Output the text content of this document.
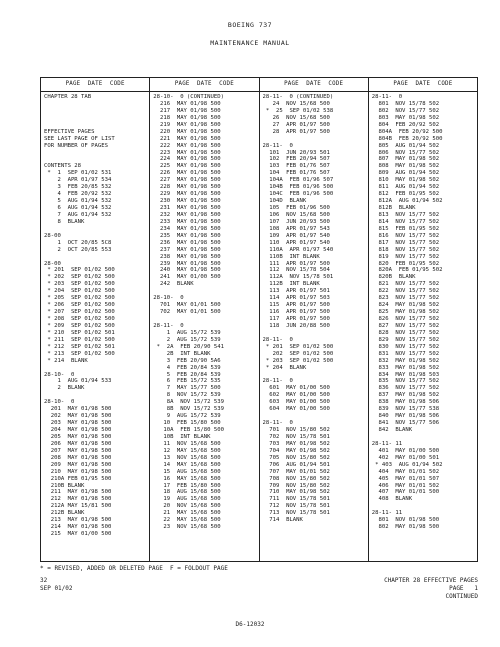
BOEING 737
MAINTENANCE MANUAL
PAGE  DATE  CODE
CHAPTER 28 TAB
EFFECTIVE PAGES
SEE LAST PAGE OF LIST
FOR NUMBER OF PAGES
CONTENTS 28
*  1  SEP 01/02 531
2  APR 01/97 534
3  FEB 20/85 532
4  FEB 20/92 532
5  AUG 01/94 532
6  AUG 01/94 532
7  AUG 01/94 532
8  BLANK
28-00
1  OCT 20/85 5C8
2  OCT 20/85 553
28-00
* 201  SEP 01/02 500
* 202  SEP 01/02 500
* 203  SEP 01/02 500
* 204  SEP 01/02 500
* 205  SEP 01/02 500
* 206  SEP 01/02 500
* 207  SEP 01/02 500
* 208  SEP 01/02 500
* 209  SEP 01/02 500
* 210  SEP 01/02 501
* 211  SEP 01/02 500
* 212  SEP 01/02 501
* 213  SEP 01/02 500
* 214  BLANK
28-10-  0
1  AUG 01/94 533
2  BLANK
28-10-  0
201  MAY 01/98 500
202  MAY 01/98 500
203  MAY 01/98 500
204  MAY 01/98 500
205  MAY 01/98 500
206  MAY 01/98 500
207  MAY 01/98 500
208  MAY 01/98 500
209  MAY 01/98 500
210  MAY 01/98 500
210A FEB 01/95 500
210B BLANK
211  MAY 01/98 500
212  MAY 01/98 500
212A MAY 15/81 500
212B BLANK
213  MAY 01/98 500
214  MAY 01/98 500
215  MAY 01/00 500
PAGE  DATE  CODE
28-10-  0 (CONTINUED)
216  MAY 01/98 500
217  MAY 01/98 500
218  MAY 01/98 500
219  MAY 01/98 500
220  MAY 01/98 500
221  MAY 01/98 500
222  MAY 01/98 500
223  MAY 01/98 500
224  MAY 01/98 500
225  MAY 01/98 500
226  MAY 01/98 500
227  MAY 01/98 500
228  MAY 01/98 500
229  MAY 01/98 500
230  MAY 01/98 500
231  MAY 01/98 500
232  MAY 01/98 500
233  MAY 01/98 500
234  MAY 01/98 500
235  MAY 01/98 500
236  MAY 01/98 500
237  MAY 01/98 500
238  MAY 01/98 500
239  MAY 01/98 500
240  MAY 01/98 500
241  MAY 01/00 500
242  BLANK
28-10-  0
701  MAY 01/01 500
702  MAY 01/01 500
28-11-  0
1  AUG 15/72 539
2  AUG 15/72 539
*  2A  FEB 20/90 541
2B  INT BLANK
3  FEB 20/90 5A6
4  FEB 20/84 539
5  FEB 20/84 539
6  FEB 15/72 535
7  MAY 15/77 500
8  NOV 15/72 539
8A  NOV 15/72 539
8B  NOV 15/72 539
9  AUG 15/72 539
10  FEB 15/80 500
10A  FEB 15/80 500
10B  INT BLANK
11  NOV 15/68 500
12  MAY 15/68 500
13  NOV 15/68 500
14  MAY 15/68 500
15  AUG 15/68 500
16  MAY 15/68 500
17  FEB 15/80 500
18  AUG 15/68 500
19  AUG 15/68 500
20  NOV 15/68 500
21  MAY 15/68 500
22  MAY 15/68 500
23  NOV 15/68 500
PAGE  DATE  CODE
28-11-  0 (CONTINUED)
24  NOV 15/68 500
*  25  SEP 01/02 538
26  NOV 15/68 500
27  APR 01/97 500
28  APR 01/97 500
28-11-  0
101  JUN 20/93 501
102  FEB 20/94 507
103  FEB 01/76 507
104  FEB 01/76 507
104A  FEB 01/96 507
104B  FEB 01/96 500
104C  FEB 01/96 500
104D  BLANK
105  FEB 01/96 500
106  NOV 15/68 500
107  JUN 20/93 500
108  APR 01/97 543
109  APR 01/97 540
110  APR 01/97 540
110A  APR 01/97 540
110B  INT BLANK
111  APR 01/97 500
112  NOV 15/78 504
112A  NOV 15/78 501
112B  INT BLANK
113  APR 01/97 501
114  APR 01/97 503
115  APR 01/97 500
116  APR 01/97 500
117  APR 01/97 500
118  JUN 20/88 500
28-11-  0
* 201  SEP 01/02 500
202  SEP 01/02 500
* 203  SEP 01/02 500
* 204  BLANK
28-11-  0
601  MAY 01/00 500
602  MAY 01/00 500
603  MAY 01/00 500
604  MAY 01/00 500
28-11-  0
701  NOV 15/80 502
702  NOV 15/78 501
703  MAY 01/98 502
704  MAY 01/98 502
705  NOV 15/80 502
706  AUG 01/94 501
707  MAY 01/01 502
708  NOV 15/80 502
709  NOV 15/80 502
710  MAY 01/98 502
711  NOV 15/78 501
712  NOV 15/78 501
713  NOV 15/78 501
714  BLANK
PAGE  DATE  CODE
28-11-  0
801  NOV 15/78 502
802  NOV 15/77 502
803  MAY 01/98 502
804  FEB 20/92 502
804A  FEB 20/92 500
804B  FEB 20/92 500
805  AUG 01/94 502
806  NOV 15/77 502
807  MAY 01/98 502
808  MAY 01/98 502
809  AUG 01/94 502
810  MAY 01/98 502
811  AUG 01/94 502
812  FEB 01/95 502
812A  AUG 01/94 502
812B  BLANK
813  NOV 15/77 502
814  NOV 15/77 502
815  FEB 01/95 502
816  NOV 15/77 502
817  NOV 15/77 502
818  NOV 15/77 502
819  NOV 15/77 502
820  FEB 01/95 502
820A  FEB 01/95 502
820B  BLANK
821  NOV 15/77 502
822  NOV 15/77 502
823  NOV 15/77 502
824  MAY 01/98 502
825  MAY 01/98 502
826  NOV 15/77 502
827  NOV 15/77 502
828  NOV 15/77 502
829  NOV 15/77 502
830  NOV 15/77 502
831  NOV 15/77 502
832  MAY 01/98 502
833  MAY 01/98 502
834  MAY 01/98 503
835  NOV 15/77 502
836  NOV 15/77 502
837  MAY 01/98 502
838  MAY 01/98 506
839  NOV 15/77 538
840  MAY 01/98 506
841  NOV 15/77 506
842  BLANK
28-11- 11
401  MAY 01/00 500
402  MAY 01/00 501
* 403  AUG 01/94 502
404  MAY 01/01 502
405  MAY 01/01 507
406  MAY 01/01 502
407  MAY 01/01 500
408  BLANK
28-11- 11
801  NOV 01/98 500
802  MAY 01/98 500
* = REVISED, ADDED OR DELETED PAGE  F = FOLDOUT PAGE
32
SEP 01/02
CHAPTER 28 EFFECTIVE PAGES
PAGE   1
CONTINUED
D6-12032
